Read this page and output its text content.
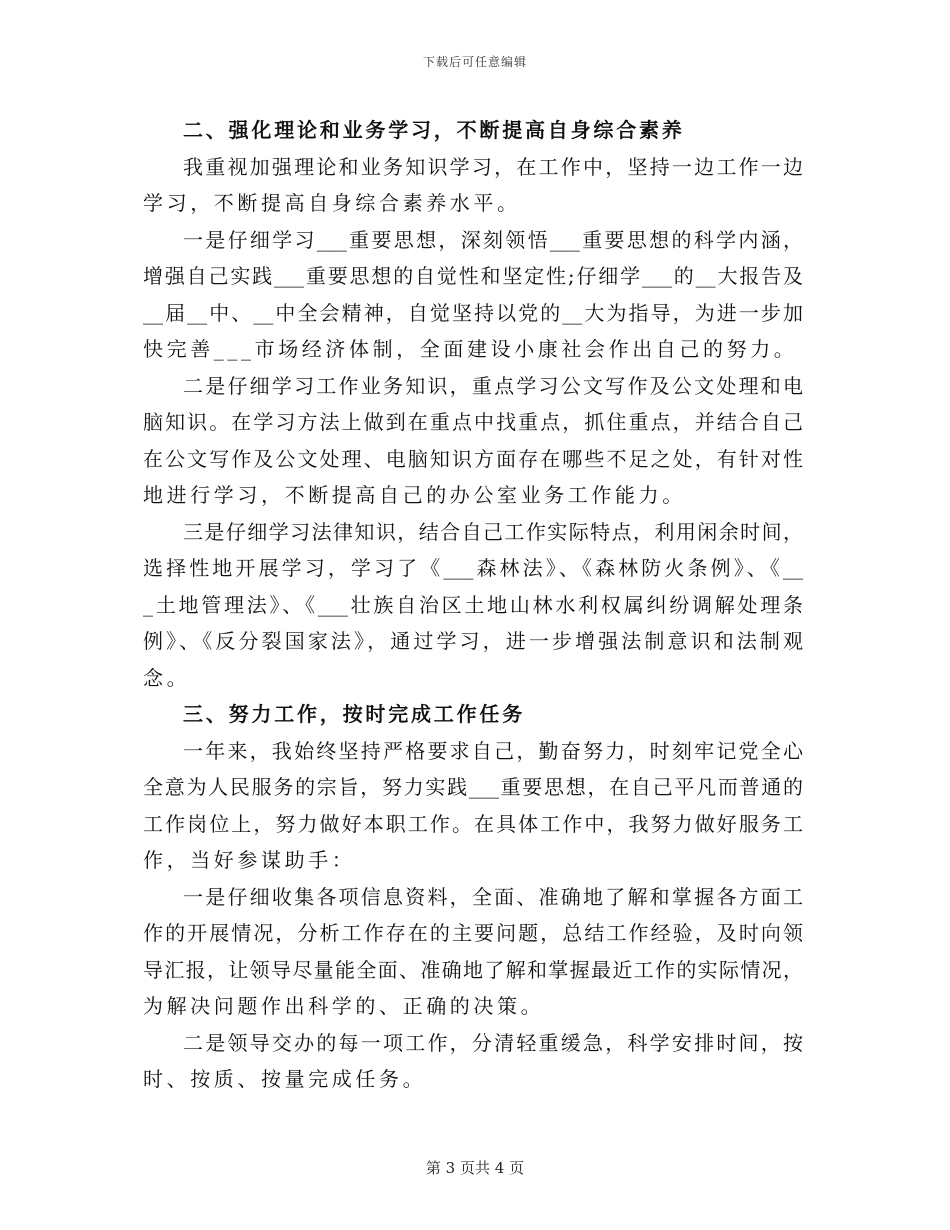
下载后可任意编辑
二、强化理论和业务学习，不断提高自身综合素养
我重视加强理论和业务知识学习，在工作中，坚持一边工作一边
学习，不断提高自身综合素养水平。
一是仔细学习___重要思想，深刻领悟___重要思想的科学内涵，
增强自己实践___重要思想的自觉性和坚定性;仔细学___的__大报告及
__届__中、__中全会精神，自觉坚持以党的__大为指导，为进一步加
快完善___市场经济体制，全面建设小康社会作出自己的努力。
二是仔细学习工作业务知识，重点学习公文写作及公文处理和电
脑知识。在学习方法上做到在重点中找重点，抓住重点，并结合自己
在公文写作及公文处理、电脑知识方面存在哪些不足之处，有针对性
地进行学习，不断提高自己的办公室业务工作能力。
三是仔细学习法律知识，结合自己工作实际特点，利用闲余时间，
选择性地开展学习，学习了《___森林法》、《森林防火条例》、《__
_土地管理法》、《___壮族自治区土地山林水利权属纠纷调解处理条
例》、《反分裂国家法》，通过学习，进一步增强法制意识和法制观
念。
三、努力工作，按时完成工作任务
一年来，我始终坚持严格要求自己，勤奋努力，时刻牢记党全心
全意为人民服务的宗旨，努力实践___重要思想，在自己平凡而普通的
工作岗位上，努力做好本职工作。在具体工作中，我努力做好服务工
作，当好参谋助手：
一是仔细收集各项信息资料，全面、准确地了解和掌握各方面工
作的开展情况，分析工作存在的主要问题，总结工作经验，及时向领
导汇报，让领导尽量能全面、准确地了解和掌握最近工作的实际情况，
为解决问题作出科学的、正确的决策。
二是领导交办的每一项工作，分清轻重缓急，科学安排时间，按
时、按质、按量完成任务。
第 3 页共 4 页
